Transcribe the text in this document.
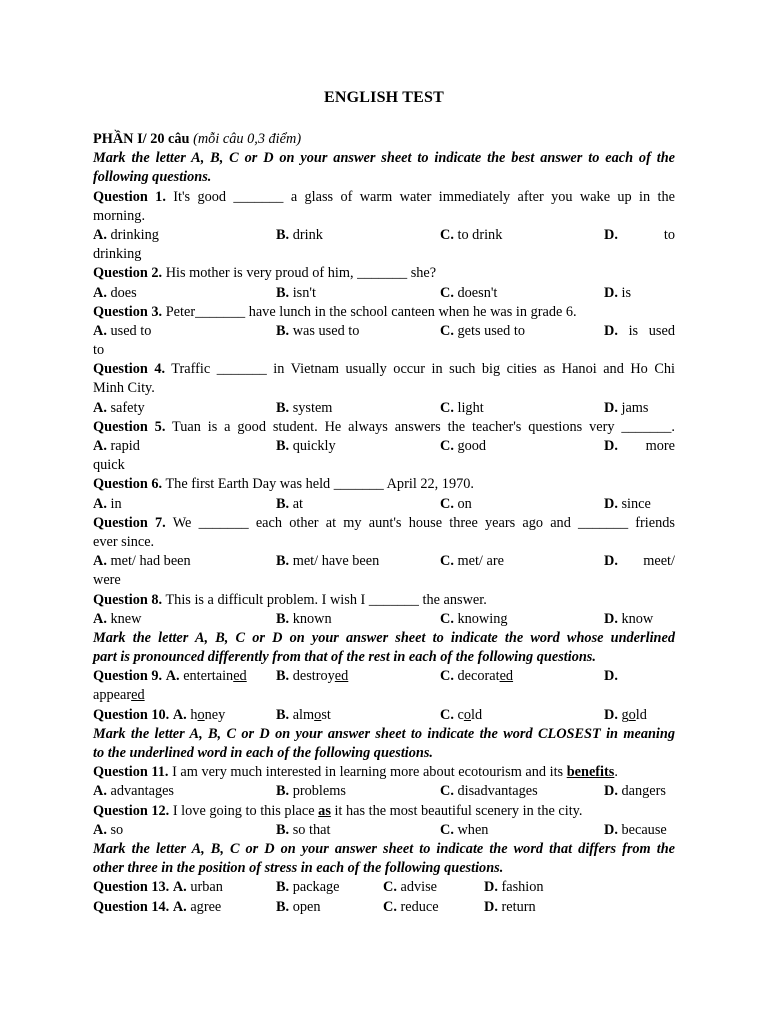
ENGLISH TEST
PHẦN I/ 20 câu (mỗi câu 0,3 điểm)
Mark the letter A, B, C or D on your answer sheet to indicate the best answer to each of the
following questions.
Question 1. It's good _______ a glass of warm water immediately after you wake up in the
morning.
A. drinking	B. drink	C. to drink	D.	to
drinking
Question 2. His mother is very proud of him, _______ she?
A. does	B. isn't	C. doesn't	D. is
Question 3. Peter_______ have lunch in the school canteen when he was in grade 6.
A. used to	B. was used to	C. gets used to	D. is used
to
Question 4. Traffic _______ in Vietnam usually occur in such big cities as Hanoi and Ho Chi
Minh City.
A. safety	B. system	C. light	D. jams
Question 5. Tuan is a good student. He always answers the teacher's questions very _______.
A. rapid	B. quickly	C. good	D. more
quick
Question 6. The first Earth Day was held _______ April 22, 1970.
A. in	B. at	C. on	D. since
Question 7. We _______ each other at my aunt's house three years ago and _______ friends
ever since.
A. met/ had been	B. met/ have been	C. met/ are	D. meet/
were
Question 8. This is a difficult problem. I wish I _______ the answer.
A. knew	B. known	C. knowing	D. know
Mark the letter A, B, C or D on your answer sheet to indicate the word whose underlined
part is pronounced differently from that of the rest in each of the following questions.
Question 9. A. entertained B. destroyed	C. decorated	D.
appeared
Question 10. A. honey	B. almost	C. cold	D. gold
Mark the letter A, B, C or D on your answer sheet to indicate the word CLOSEST in meaning
to the underlined word in each of the following questions.
Question 11. I am very much interested in learning more about ecotourism and its benefits.
A. advantages	B. problems	C. disadvantages	D. dangers
Question 12. I love going to this place as it has the most beautiful scenery in the city.
A. so	B. so that	C. when	D. because
Mark the letter A, B, C or D on your answer sheet to indicate the word that differs from the
other three in the position of stress in each of the following questions.
Question 13. A. urban	B. package	C. advise	D. fashion
Question 14. A. agree	B. open	C. reduce	D. return
